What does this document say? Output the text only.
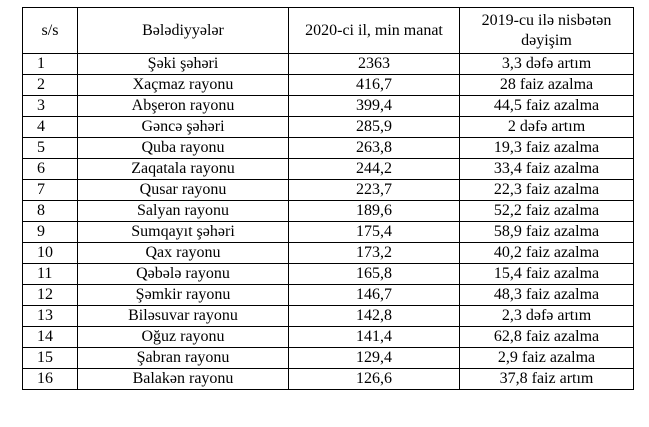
s/s	Bələdiyyələr	2020-ci il, min manat	2019-cu ilə nisbətən dəyişim
1	Şəki şəhəri	2363	3,3 dəfə artım
2	Xaçmaz rayonu	416,7	28 faiz azalma
3	Abşeron rayonu	399,4	44,5 faiz azalma
4	Gəncə şəhəri	285,9	2 dəfə artım
5	Quba rayonu	263,8	19,3 faiz azalma
6	Zaqatala rayonu	244,2	33,4 faiz azalma
7	Qusar rayonu	223,7	22,3 faiz azalma
8	Salyan rayonu	189,6	52,2 faiz azalma
9	Sumqayıt şəhəri	175,4	58,9 faiz azalma
10	Qax rayonu	173,2	40,2 faiz azalma
11	Qəbələ rayonu	165,8	15,4 faiz azalma
12	Şəmkir rayonu	146,7	48,3 faiz azalma
13	Biləsuvar rayonu	142,8	2,3 dəfə artım
14	Oğuz rayonu	141,4	62,8 faiz azalma
15	Şabran rayonu	129,4	2,9 faiz azalma
16	Balakən rayonu	126,6	37,8 faiz artım
